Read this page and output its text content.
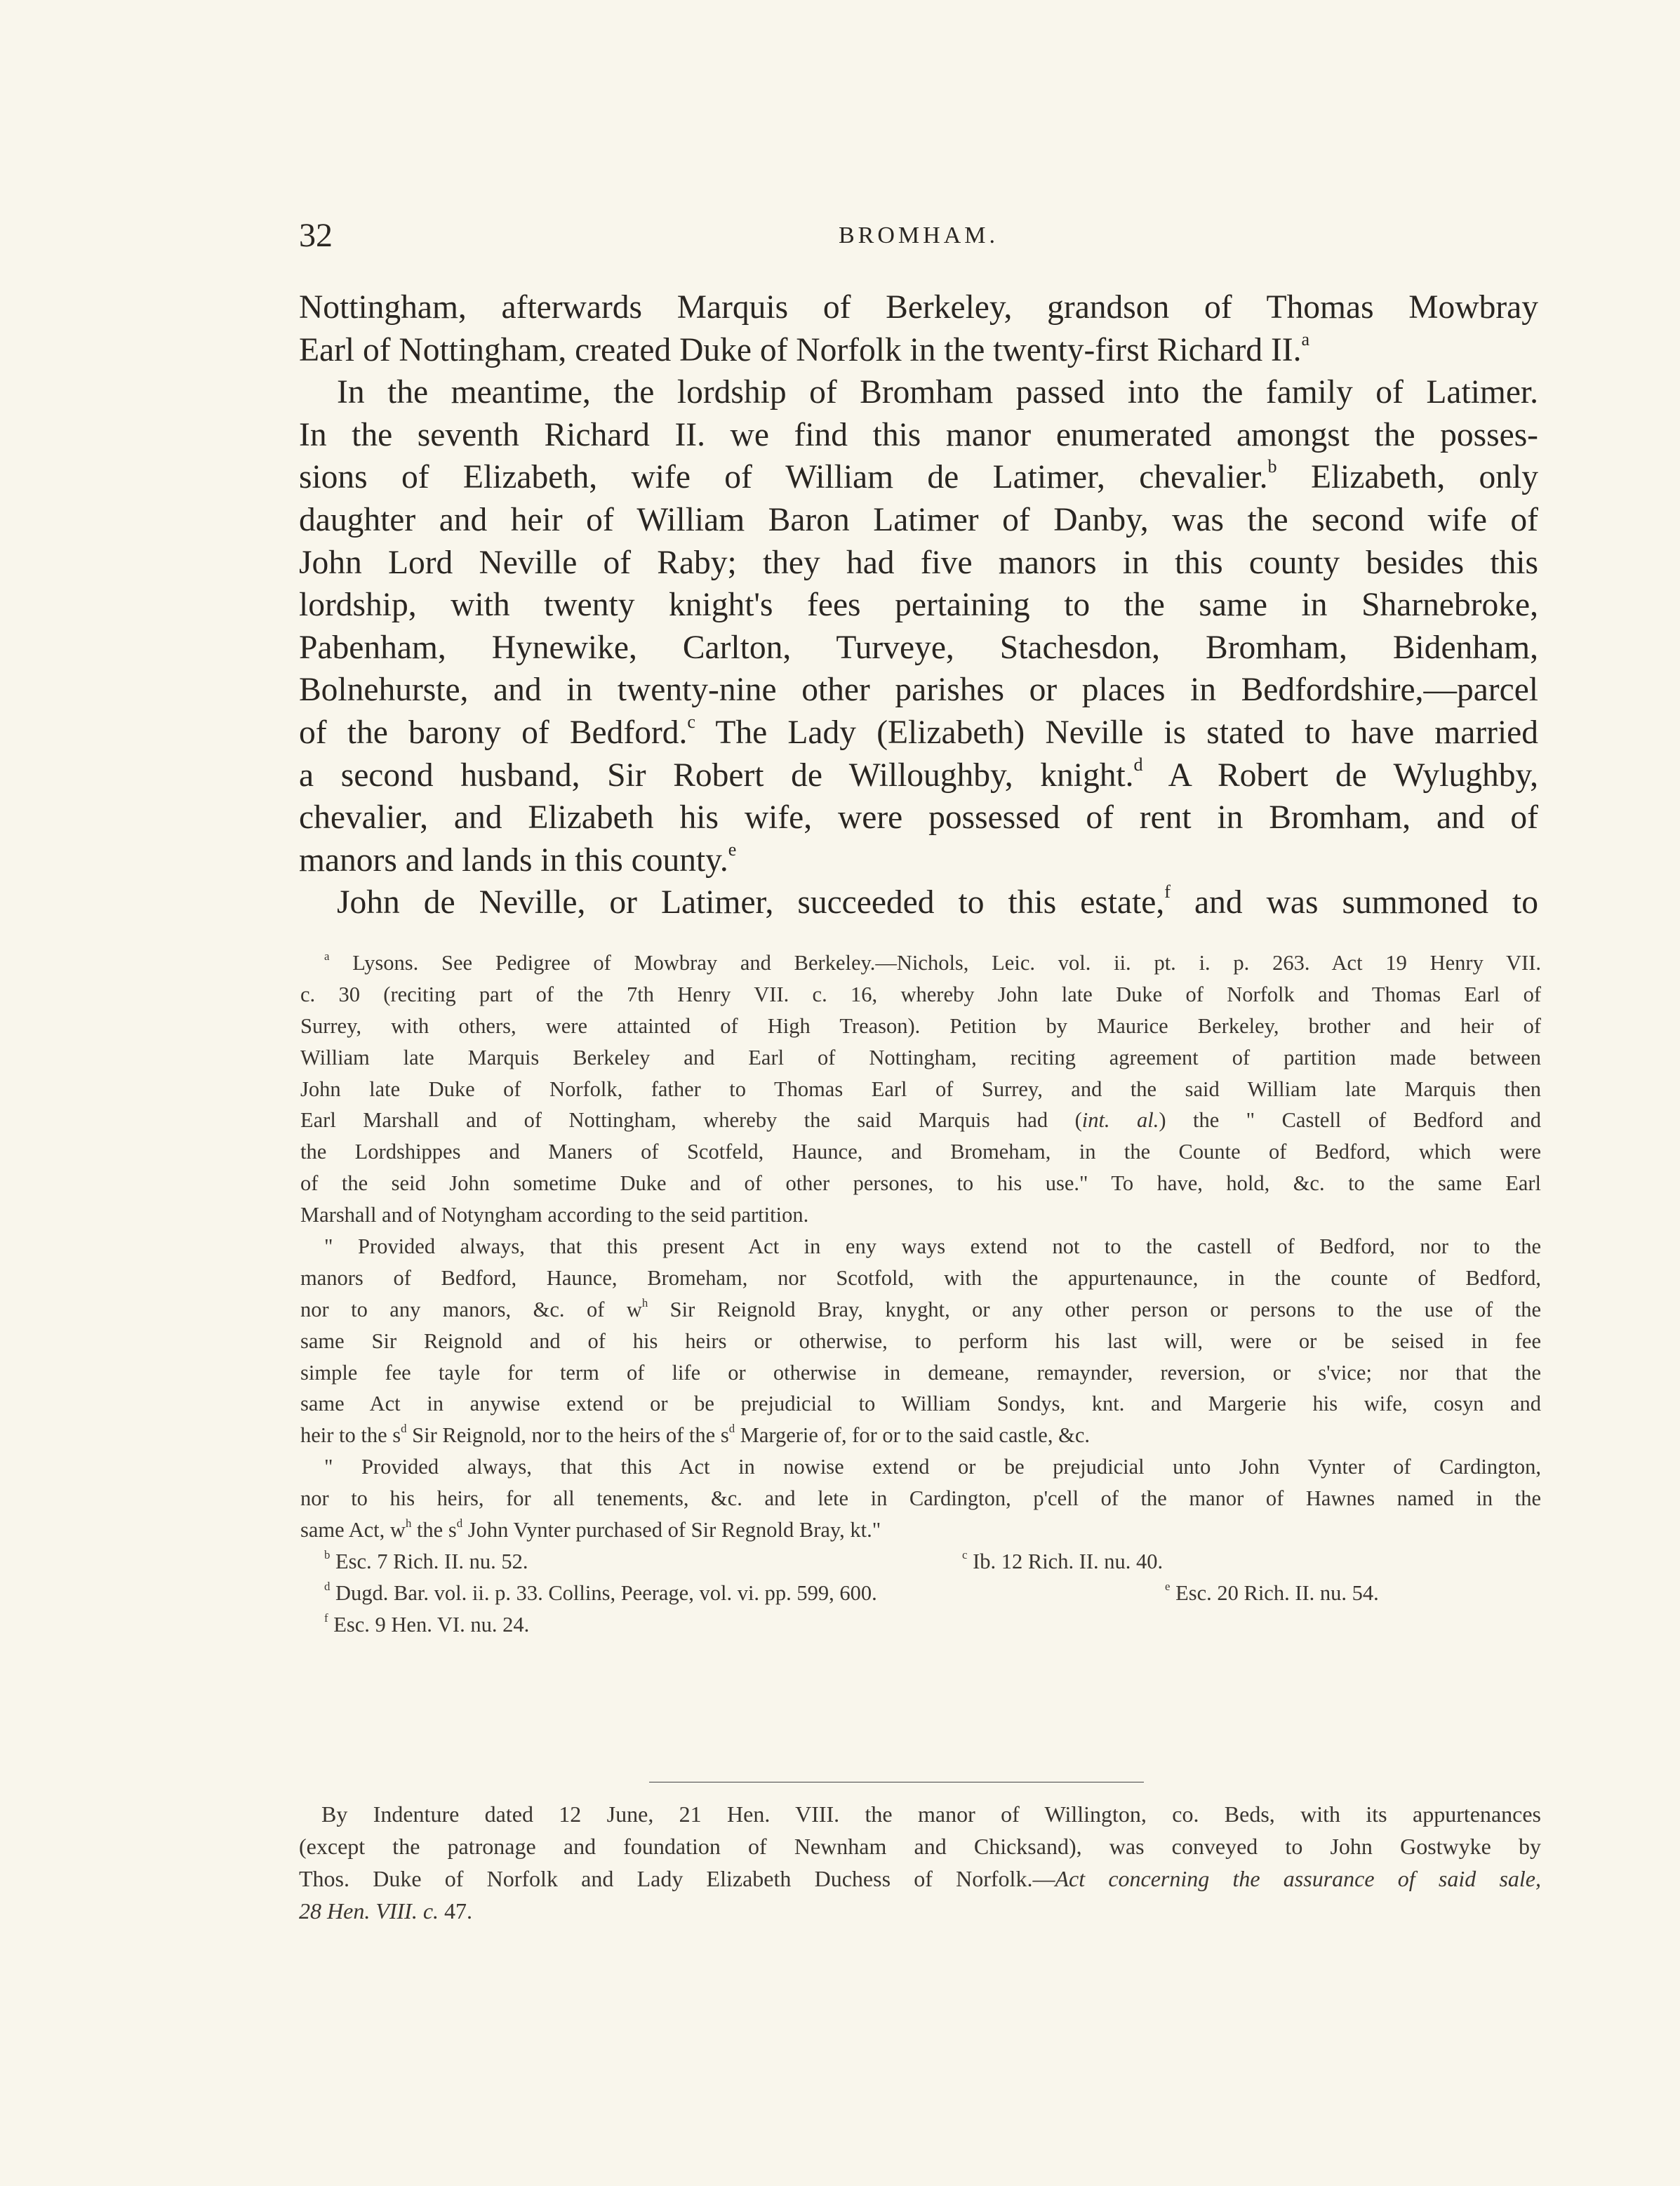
32	BROMHAM.
Nottingham, afterwards Marquis of Berkeley, grandson of Thomas Mowbray
Earl of Nottingham, created Duke of Norfolk in the twenty-first Richard II.$^a$
In the meantime, the lordship of Bromham passed into the family of Latimer.
In the seventh Richard II. we find this manor enumerated amongst the posses-
sions of Elizabeth, wife of William de Latimer, chevalier.$^b$ Elizabeth, only
daughter and heir of William Baron Latimer of Danby, was the second wife of
John Lord Neville of Raby; they had five manors in this county besides this
lordship, with twenty knight's fees pertaining to the same in Sharnebroke,
Pabenham, Hynewike, Carlton, Turveye, Stachesdon, Bromham, Bidenham,
Bolnehurste, and in twenty-nine other parishes or places in Bedfordshire,—parcel
of the barony of Bedford.$^c$ The Lady (Elizabeth) Neville is stated to have married
a second husband, Sir Robert de Willoughby, knight.$^d$ A Robert de Wylughby,
chevalier, and Elizabeth his wife, were possessed of rent in Bromham, and of
manors and lands in this county.$^e$
John de Neville, or Latimer, succeeded to this estate,$^f$ and was summoned to
$^a$ Lysons. See Pedigree of Mowbray and Berkeley.—Nichols, Leic. vol. ii. pt. i. p. 263. Act 19 Henry VII.
c. 30 (reciting part of the 7th Henry VII. c. 16, whereby John late Duke of Norfolk and Thomas Earl of
Surrey, with others, were attainted of High Treason). Petition by Maurice Berkeley, brother and heir of
William late Marquis Berkeley and Earl of Nottingham, reciting agreement of partition made between
John late Duke of Norfolk, father to Thomas Earl of Surrey, and the said William late Marquis then
Earl Marshall and of Nottingham, whereby the said Marquis had (int. al.) the " Castell of Bedford and
the Lordshippes and Maners of Scotfeld, Haunce, and Bromeham, in the Counte of Bedford, which were
of the seid John sometime Duke and of other persones, to his use." To have, hold, &c. to the same Earl
Marshall and of Notyngham according to the seid partition.
" Provided always, that this present Act in eny ways extend not to the castell of Bedford, nor to the
manors of Bedford, Haunce, Bromeham, nor Scotfold, with the appurtenaunce, in the counte of Bedford,
nor to any manors, &c. of $w^h$ Sir Reignold Bray, knyght, or any other person or persons to the use of the
same Sir Reignold and of his heirs or otherwise, to perform his last will, were or be seised in fee
simple fee tayle for term of life or otherwise in demeane, remaynder, reversion, or s'vice; nor that the
same Act in anywise extend or be prejudicial to William Sondys, knt. and Margerie his wife, cosyn and
heir to the $s^d$ Sir Reignold, nor to the heirs of the $s^d$ Margerie of, for or to the said castle, &c.
" Provided always, that this Act in nowise extend or be prejudicial unto John Vynter of Cardington,
nor to his heirs, for all tenements, &c. and lete in Cardington, p'cell of the manor of Hawnes named in the
same Act, $w^h$ the $s^d$ John Vynter purchased of Sir Regnold Bray, kt."
$^b$ Esc. 7 Rich. II. nu. 52.	$^c$ Ib. 12 Rich. II. nu. 40.
$^d$ Dugd. Bar. vol. ii. p. 33. Collins, Peerage, vol. vi. pp. 599, 600.	$^e$ Esc. 20 Rich. II. nu. 54.
$^f$ Esc. 9 Hen. VI. nu. 24.
By Indenture dated 12 June, 21 Hen. VIII. the manor of Willington, co. Beds, with its appurtenances
(except the patronage and foundation of Newnham and Chicksand), was conveyed to John Gostwyke by
Thos. Duke of Norfolk and Lady Elizabeth Duchess of Norfolk.—Act concerning the assurance of said sale,
28 Hen. VIII. c. 47.
